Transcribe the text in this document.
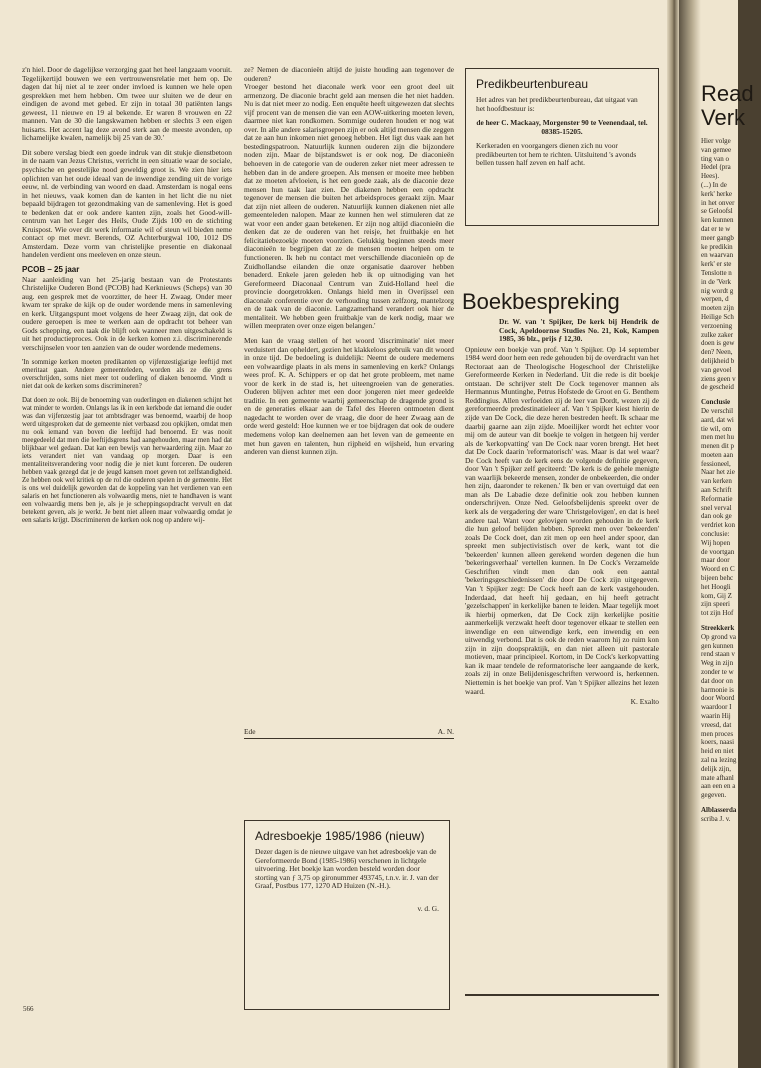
z'n hiel. Door de dagelijkse verzorging gaat het heel langzaam vooruit. Tegelijkertijd bouwen we een vertrouwensrelatie met hem op. De dagen dat hij niet al te zeer onder invloed is kunnen we hele open gesprekken met hem hebben. Om twee uur sluiten we de deur en eindigen de avond met gebed. Er zijn in totaal 30 patiënten langs geweest, 11 nieuwe en 19 al bekende. Er waren 8 vrouwen en 22 mannen. Van de 30 die langskwamen hebben er slechts 3 een eigen huisarts. Het accent lag deze avond sterk aan de meeste avonden, op lichamelijke kwalen, namelijk bij 25 van de 30.'

Dit sobere verslag biedt een goede indruk van dit stukje dienstbetoon in de naam van Jezus Christus, verricht in een situatie waar de sociale, psychische en geestelijke nood geweldig groot is. We zien hier iets oplichten van het oude ideaal van de inwendige zending uit de vorige eeuw, nl. de verbinding van woord en daad. Amsterdam is nogal eens in het nieuws, vaak komen dan de kanten in het licht die nu niet bepaald bijdragen tot gezondmaking van de samenleving. Het is goed te bedenken dat er ook andere kanten zijn, zoals het Good-will-centrum van het Leger des Heils, Oude Zijds 100 en de stichting Kruispost. Wie over dit werk informatie wil of steun wil bieden neme contact op met mevr. Berends, OZ Achterburgwal 100, 1012 DS Amsterdam. Deze vorm van christelijke presentie en diakonaal handelen verdient ons meeleven en onze steun.

PCOB – 25 jaar

Naar aanleiding van het 25-jarig bestaan van de Protestants Christelijke Ouderen Bond (PCOB) had Kerknieuws (Scheps) van 30 aug. een gesprek met de voorzitter, de heer H. Zwaag. Onder meer kwam ter sprake de kijk op de ouder wordende mens in samenleving en kerk. Uitgangspunt moet volgens de heer Zwaag zijn, dat ook de oudere geroepen is mee te werken aan de opdracht tot beheer van Gods schepping, een taak die blijft ook wanneer men uitgeschakeld is uit het productieproces. Ook in de kerken komen z.i. discriminerende verschijnselen voor ten aanzien van de ouder wordende medemens.

'In sommige kerken moeten predikanten op vijfenzestigjarige leeftijd met emeritaat gaan. Andere gemeenteleden, worden als ze die grens overschrijden, soms niet meer tot ouderling of diaken benoemd. Vindt u niet dat ook de kerken soms discrimineren?

Dat doen ze ook. Bij de benoeming van ouderlingen en diakenen schijnt het wat minder te worden. Onlangs las ik in een kerkbode dat iemand die ouder was dan vijfenzestig jaar tot ambtsdrager was benoemd, waarbij de hoop werd uitgesproken dat de gemeente niet verbaasd zou opkijken, omdat men nu ook iemand van boven die leeftijd had benoemd. Er was nooit meegedeeld dat men die leeftijdsgrens had aangehouden, maar men had dat blijkbaar wel gedaan. Dat kan een bewijs van herwaardering zijn. Maar zo iets verandert niet van vandaag op morgen. Daar is een mentaliteitsverandering voor nodig die je niet kunt forceren. De ouderen hebben vaak gezegd dat je de jeugd kansen moet geven tot zelfstandigheid. Ze hebben ook wel kritiek op de rol die ouderen spelen in de gemeente. Het is ons wel duidelijk geworden dat de koppeling van het verdienen van een salaris en het functioneren als volwaardig mens, niet te handhaven is want een volwaardig mens ben je, als je je scheppingsopdracht vervult en dat betekent geven, als je werkt. Je bent niet alleen maar volwaardig omdat je een salaris krijgt. Discrimineren de kerken ook nog op andere wij-

ze? Nemen de diaconieën altijd de juiste houding aan tegenover de ouderen?

Vroeger bestond het diaconale werk voor een groot deel uit armenzorg. De diaconie bracht geld aan mensen die het niet hadden. Nu is dat niet meer zo nodig. Een enquête heeft uitgewezen dat slechts vijf procent van de mensen die van een AOW-uitkering moeten leven, daarmee niet kan rondkomen. Sommige ouderen houden er nog wat over. In alle andere salarisgroepen zijn er ook altijd mensen die zeggen dat ze aan hun inkomen niet genoeg hebben. Het ligt dus vaak aan het bestedingspatroon. Natuurlijk kunnen ouderen zijn die bijzondere noden zijn. Maar de bijstandswet is er ook nog. De diaconieën behoeven in de categorie van de ouderen zeker niet meer adressen te hebben dan in de andere groepen. Als mensen er moeite mee hebben dat ze moeten afvloeien, is het een goede zaak, als de diaconie deze mensen hun taak laat zien. De diakenen hebben een opdracht tegenover de mensen die buiten het arbeidsproces geraakt zijn. Maar dat zijn niet alleen de ouderen. Natuurlijk kunnen diakenen niet alle gemeenteleden nalopen. Maar ze kunnen hen wel stimuleren dat ze wat voor een ander gaan betekenen. Er zijn nog altijd diaconieën die denken dat ze de ouderen van het reisje, het fruitbakje en het felicitatiebezoekje moeten voorzien. Gelukkig beginnen steeds meer diaconieën te begrijpen dat ze de mensen moeten helpen om te functioneren. Ik heb nu contact met verschillende diaconieën op de Zuidhollandse eilanden die onze organisatie daarover hebben benaderd. Enkele jaren geleden heb ik op uitnodiging van het Gereformeerd Diaconaal Centrum van Zuid-Holland heel die provincie doorgetrokken. Onlangs hield men in Overijssel een diaconale conferentie over de verhouding tussen zelfzorg, mantelzorg en de taak van de diaconie. Langzamerhand verandert ook hier de mentaliteit. We hebben geen fruitbakje van de kerk nodig, maar we willen meepraten over onze eigen belangen.'

Men kan de vraag stellen of het woord 'discriminatie' niet meer verduistert dan opheldert, gezien het klakkeloos gebruik van dit woord in onze tijd. De bedoeling is duidelijk: Neemt de oudere medemens een volwaardige plaats in als mens in samenleving en kerk? Onlangs wees prof. K. A. Schippers er op dat het grote probleem, met name voor de kerk in de stad is, het uiteengroeien van de generaties. Ouderen blijven achter met een door jongeren niet meer gedeelde traditie. In een gemeente waarbij gemeenschap de dragende grond is en de generaties elkaar aan de Tafel des Heeren ontmoeten dient nagedacht te worden over de vraag, die door de heer Zwaag aan de orde werd gesteld: Hoe kunnen we er toe bijdragen dat ook de oudere medemens volop kan deelnemen aan het leven van de gemeente en met hun gaven en talenten, hun rijpheid en wijsheid, hun ervaring anderen van dienst kunnen zijn.

Ede	A. N.
Adresboekje 1985/1986 (nieuw)
Dezer dagen is de nieuwe uitgave van het adresboekje van de Gereformeerde Bond (1985-1986) verschenen in lichtgele uitvoering. Het boekje kan worden besteld worden door storting van ƒ 3,75 op gironummer 493745, t.n.v. ir. J. van der Graaf, Postbus 177, 1270 AD Huizen (N.-H.).
v. d. G.
Predikbeurtenbureau
Het adres van het predikbeurtenbureau, dat uitgaat van het hoofdbestuur is:
de heer C. Mackaay, Morgenster 90 te Veenendaal, tel. 08385-15205.
Kerkeraden en voorgangers dienen zich nu voor predikbeurten tot hem te richten. Uitsluitend 's avonds bellen tussen half zeven en half acht.
Boekbespreking

Dr. W. van 't Spijker, De kerk bij Hendrik de Cock, Apeldoornse Studies No. 21, Kok, Kampen 1985, 36 blz., prijs ƒ 12,30.

Opnieuw een boekje van prof. Van 't Spijker. Op 14 september 1984 werd door hem een rede gehouden bij de overdracht van het Rectoraat aan de Theologische Hogeschool der Christelijke Gereformeerde Kerken in Nederland. Uit die rede is dit boekje ontstaan. De schrijver stelt De Cock tegenover mannen als Hermannus Muntinghe, Petrus Hofstede de Groot en G. Benthem Reddingius. Allen verfoeiden zij de leer van Dordt, wezen zij de gereformeerde predestinatieleer af. Van 't Spijker kiest hierin de zijde van De Cock, die deze heren bestreden heeft. Ik schaar me daarbij gaarne aan zijn zijde. Moeilijker wordt het echter voor mij om de auteur van dit boekje te volgen in hetgeen hij verder als de 'kerkopvatting' van De Cock naar voren brengt. Het heet dat De Cock daarin 'reformatorisch' was. Maar is dat wel waar? De Cock heeft van de kerk eens de volgende definitie gegeven, door Van 't Spijker zelf geciteerd: 'De kerk is de gehele menigte van waarlijk bekeerde mensen, zonder de onbekeerden, die onder hen zijn, daaronder te rekenen.' Ik ben er van overtuigd dat een man als De Labadie deze definitie ook zou hebben kunnen onderschrijven. Onze Ned. Geloofsbelijdenis spreekt over de kerk als de vergadering der ware 'Christgelovigen', en dat is heel andere taal. Want voor gelovigen worden gehouden in de kerk die hun geloof belijden hebben. Spreekt men over 'bekeerden' zoals De Cock doet, dan zit men op een heel ander spoor, dan spreekt men subjectivistisch over de kerk, want tot die 'bekeerden' kunnen alleen gerekend worden degenen die hun 'bekeringsverhaal' vertellen kunnen. In De Cock's Verzamelde Geschriften vindt men dan ook een aantal 'bekeringsgeschiedenissen' die door De Cock zijn uitgegeven. Van 't Spijker zegt: De Cock heeft aan de kerk vastgehouden. Inderdaad, dat heeft hij gedaan, en hij heeft getracht 'gezelschappen' in kerkelijke banen te leiden. Maar tegelijk moet ik hierbij opmerken, dat De Cock zijn kerkelijke positie aanmerkelijk verzwakt heeft door tegenover elkaar te stellen een inwendige en een uitwendige kerk, een inwendig en een uitwendig verbond. Dat is ook de reden waarom hij zo ruim kon zijn in zijn doopspraktijk, en dan niet alleen uit pastorale motieven, maar principieel. Kortom, in De Cock's kerkopvatting kan ik maar tendele de reformatorische leer aangaande de kerk, zoals zij in onze Belijdenisgeschriften verwoord is, herkennen. Niettemin is het boekje van prof. Van 't Spijker allezins het lezen waard.

K. Exalto
566
Read Verk
Hier volge
van gemee
ting van o
Hedel (pra
Hees).
(...) In de
kerk' herke
in het onver
se Geloofsl
ken kunnen
dat er te w
meer gangb
ke predikin
en waarvan
kerk' er ste
Tenslotte n
in de 'Verk
nig wordt g
werpen, d
moeten zijn
Heilige Sch
verzoening
zulke zaker
doen is gew
den? Neen,
delijkheid b
van gevoel
ziens geen v
de gescheid
Conclusie
De verschil
aard, dat wi
tie wil, om
men met hu
menen dit p
moeten aan
fessioneel,
Naar het zie
van kerken
aan Schrift
Reformatie
snel verval
dan ook ge
verdriet kon
conclusie:
Wij hopen
de voortgan
maar door
Woord en C
bijeen behc
het Hoogli
kom, Gij Z
zijn speeri
tot zijn Hof
Streekkerk
Op grond va
gen kunnen
rend staan v
Weg in zijn
zonder te w
dat door on
harmonie is
door Woord
waardoor I
waarin Hij
vreesd, dat
men proces
koers, naasi
heid en niet
zal na lezing
delijk zijn,
mate afhanl
aan een en a
gegeven.
Alblasserda
scriba J. v.
